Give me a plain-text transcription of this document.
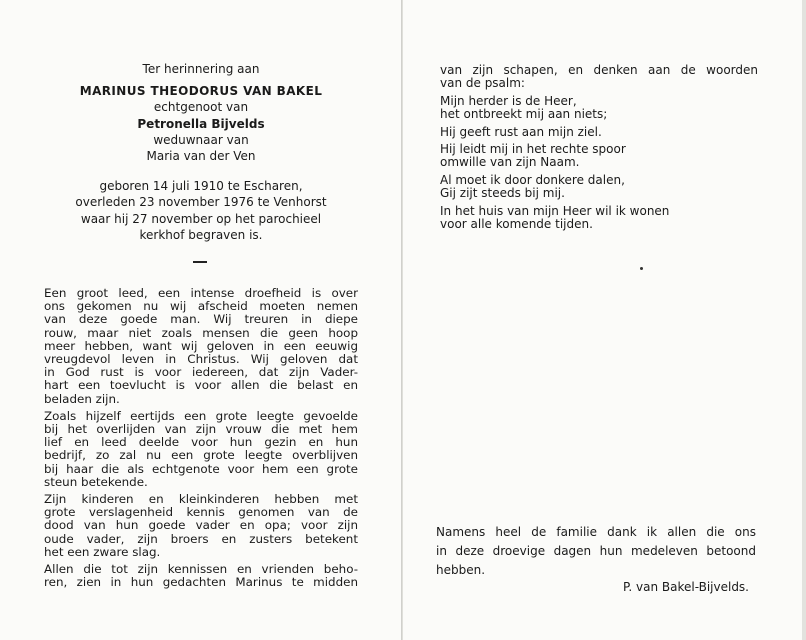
Ter herinnering aan
MARINUS THEODORUS VAN BAKEL
echtgenoot van
Petronella Bijvelds
weduwnaar van
Maria van der Ven
geboren 14 juli 1910 te Escharen,
overleden 23 november 1976 te Venhorst
waar hij 27 november op het parochieel
kerkhof begraven is.

Een groot leed, een intense droefheid is over
ons gekomen nu wij afscheid moeten nemen
van deze goede man. Wij treuren in diepe
rouw, maar niet zoals mensen die geen hoop
meer hebben, want wij geloven in een eeuwig
vreugdevol leven in Christus. Wij geloven dat
in God rust is voor iedereen, dat zijn Vader-
hart een toevlucht is voor allen die belast en
beladen zijn.

Zoals hijzelf eertijds een grote leegte gevoelde
bij het overlijden van zijn vrouw die met hem
lief en leed deelde voor hun gezin en hun
bedrijf, zo zal nu een grote leegte overblijven
bij haar die als echtgenote voor hem een grote
steun betekende.

Zijn kinderen en kleinkinderen hebben met
grote verslagenheid kennis genomen van de
dood van hun goede vader en opa; voor zijn
oude vader, zijn broers en zusters betekent
het een zware slag.

Allen die tot zijn kennissen en vrienden beho-
ren, zien in hun gedachten Marinus te midden

van zijn schapen, en denken aan de woorden
van de psalm:

Mijn herder is de Heer,
het ontbreekt mij aan niets;

Hij geeft rust aan mijn ziel.

Hij leidt mij in het rechte spoor
omwille van zijn Naam.

Al moet ik door donkere dalen,
Gij zijt steeds bij mij.

In het huis van mijn Heer wil ik wonen
voor alle komende tijden.

Namens heel de familie dank ik allen die ons
in deze droevige dagen hun medeleven betoond
hebben.
P. van Bakel-Bijvelds.
